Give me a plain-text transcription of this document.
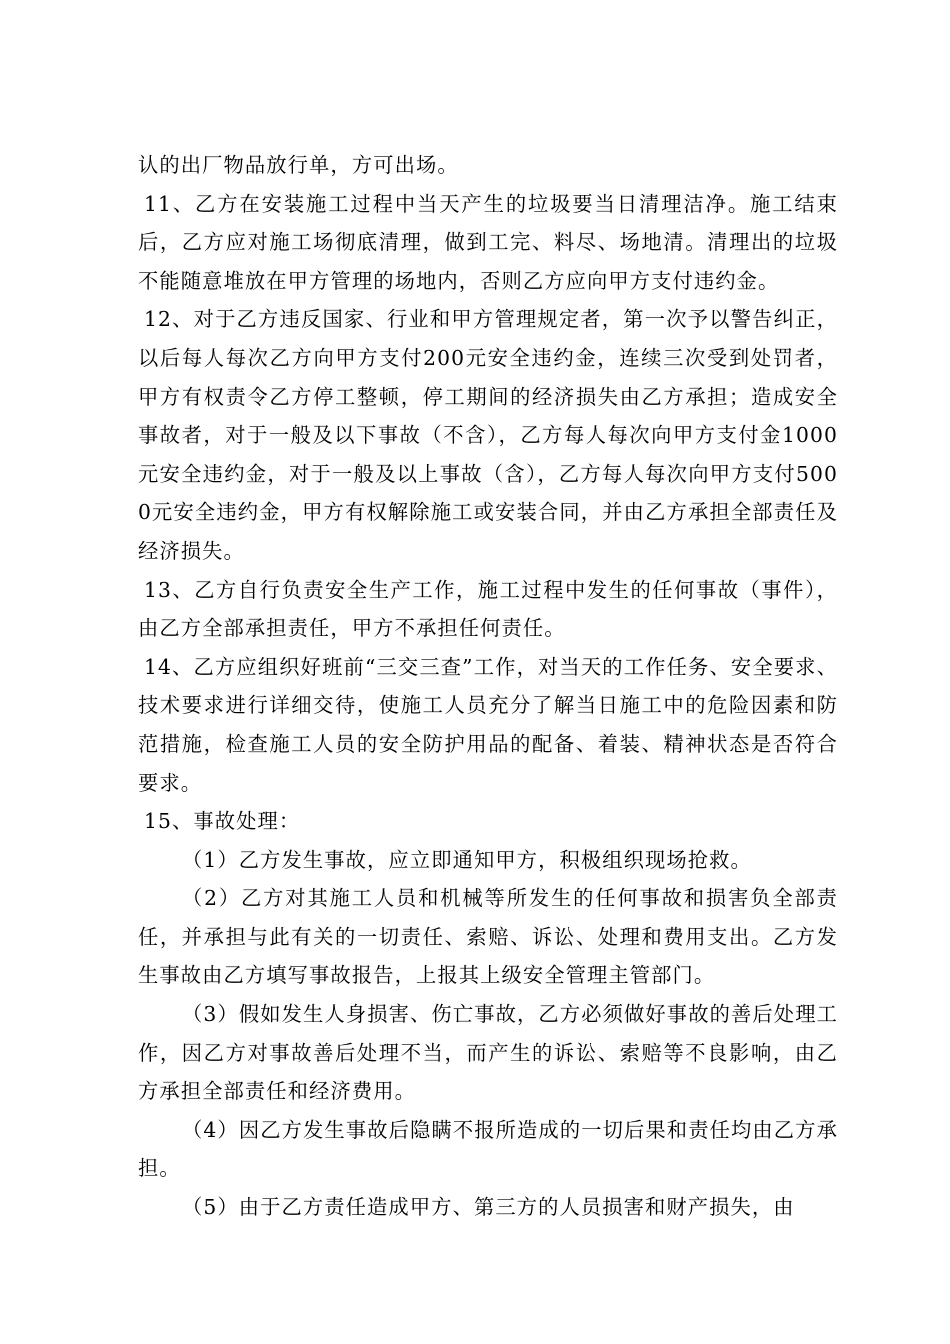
认的出厂物品放行单，方可出场。

11、乙方在安装施工过程中当天产生的垃圾要当日清理洁净。施工结束后，乙方应对施工场彻底清理，做到工完、料尽、场地清。清理出的垃圾不能随意堆放在甲方管理的场地内，否则乙方应向甲方支付违约金。

12、对于乙方违反国家、行业和甲方管理规定者，第一次予以警告纠正，以后每人每次乙方向甲方支付200元安全违约金，连续三次受到处罚者，甲方有权责令乙方停工整顿，停工期间的经济损失由乙方承担；造成安全事故者，对于一般及以下事故（不含），乙方每人每次向甲方支付金1000元安全违约金，对于一般及以上事故（含），乙方每人每次向甲方支付5000元安全违约金，甲方有权解除施工或安装合同，并由乙方承担全部责任及经济损失。

13、乙方自行负责安全生产工作，施工过程中发生的任何事故（事件），由乙方全部承担责任，甲方不承担任何责任。

14、乙方应组织好班前“三交三查”工作，对当天的工作任务、安全要求、技术要求进行详细交待，使施工人员充分了解当日施工中的危险因素和防范措施，检查施工人员的安全防护用品的配备、着装、精神状态是否符合要求。

15、事故处理：

（1）乙方发生事故，应立即通知甲方，积极组织现场抢救。

（2）乙方对其施工人员和机械等所发生的任何事故和损害负全部责任，并承担与此有关的一切责任、索赔、诉讼、处理和费用支出。乙方发生事故由乙方填写事故报告，上报其上级安全管理主管部门。

（3）假如发生人身损害、伤亡事故，乙方必须做好事故的善后处理工作，因乙方对事故善后处理不当，而产生的诉讼、索赔等不良影响，由乙方承担全部责任和经济费用。

（4）因乙方发生事故后隐瞒不报所造成的一切后果和责任均由乙方承担。

（5）由于乙方责任造成甲方、第三方的人员损害和财产损失，由
